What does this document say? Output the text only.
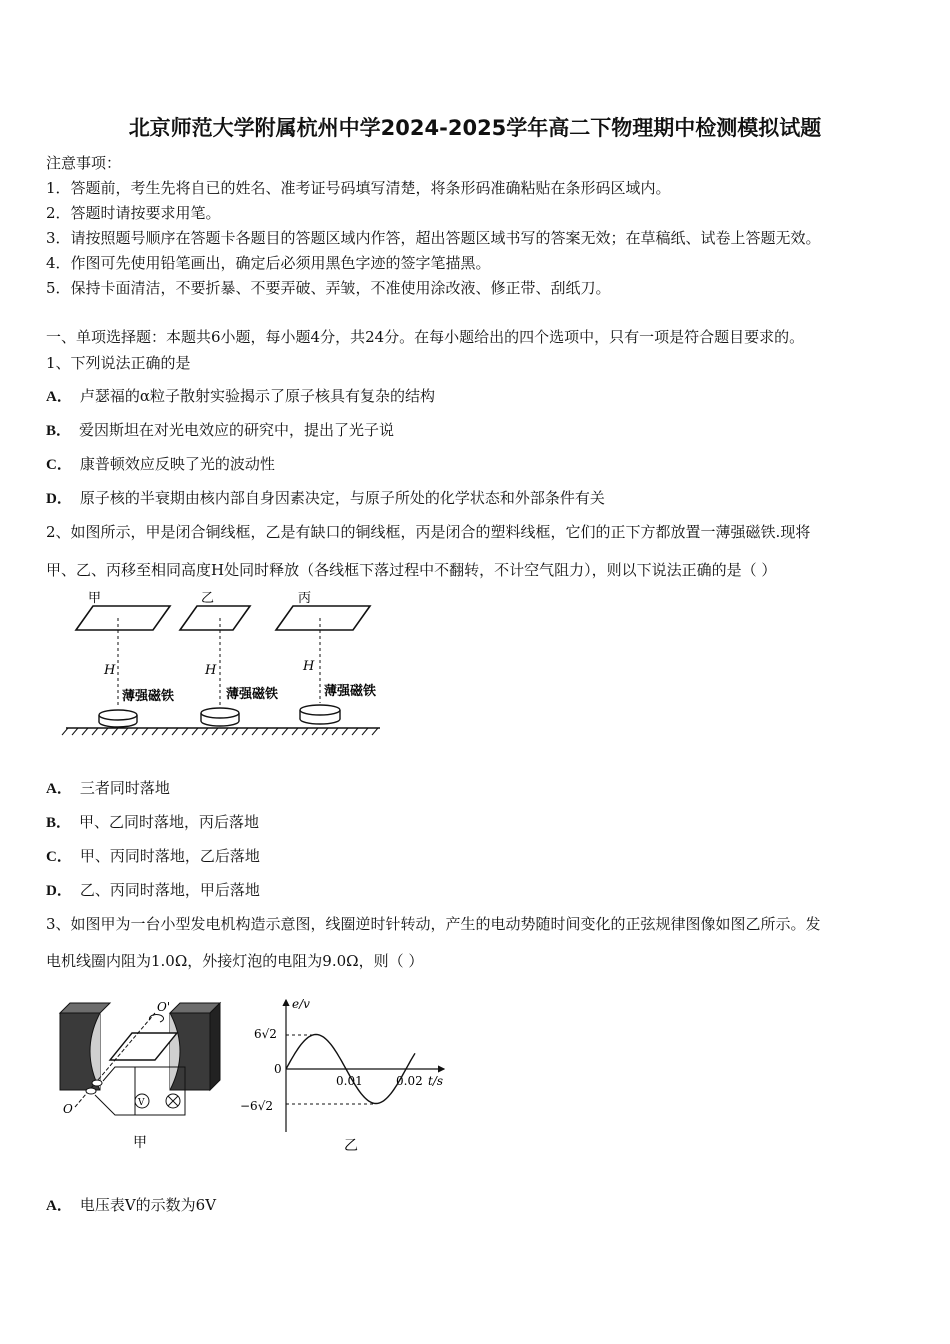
北京师范大学附属杭州中学2024-2025学年高二下物理期中检测模拟试题
注意事项：
1．答题前，考生先将自已的姓名、准考证号码填写清楚，将条形码准确粘贴在条形码区域内。
2．答题时请按要求用笔。
3．请按照题号顺序在答题卡各题目的答题区域内作答，超出答题区域书写的答案无效；在草稿纸、试卷上答题无效。
4．作图可先使用铅笔画出，确定后必须用黑色字迹的签字笔描黑。
5．保持卡面清洁，不要折暴、不要弄破、弄皱，不准使用涂改液、修正带、刮纸刀。
一、单项选择题：本题共6小题，每小题4分，共24分。在每小题给出的四个选项中，只有一项是符合题目要求的。
1、下列说法正确的是
A． 卢瑟福的α粒子散射实验揭示了原子核具有复杂的结构
B． 爱因斯坦在对光电效应的研究中，提出了光子说
C． 康普顿效应反映了光的波动性
D． 原子核的半衰期由核内部自身因素决定，与原子所处的化学状态和外部条件有关
2、如图所示，甲是闭合铜线框，乙是有缺口的铜线框，丙是闭合的塑料线框，它们的正下方都放置一薄强磁铁.现将
甲、乙、丙移至相同高度H处同时释放（各线框下落过程中不翻转，不计空气阻力），则以下说法正确的是（ ）
甲	乙	丙
H	H	H
薄强磁铁	薄强磁铁	薄强磁铁
A． 三者同时落地
B． 甲、乙同时落地，丙后落地
C． 甲、丙同时落地，乙后落地
D． 乙、丙同时落地，甲后落地
3、如图甲为一台小型发电机构造示意图，线圈逆时针转动，产生的电动势随时间变化的正弦规律图像如图乙所示。发
电机线圈内阻为1.0Ω，外接灯泡的电阻为9.0Ω，则（ ）
O'
O	V
甲
e/v
t/s
0
6√2
−6√2
0.01	0.02
乙
A． 电压表V的示数为6V
